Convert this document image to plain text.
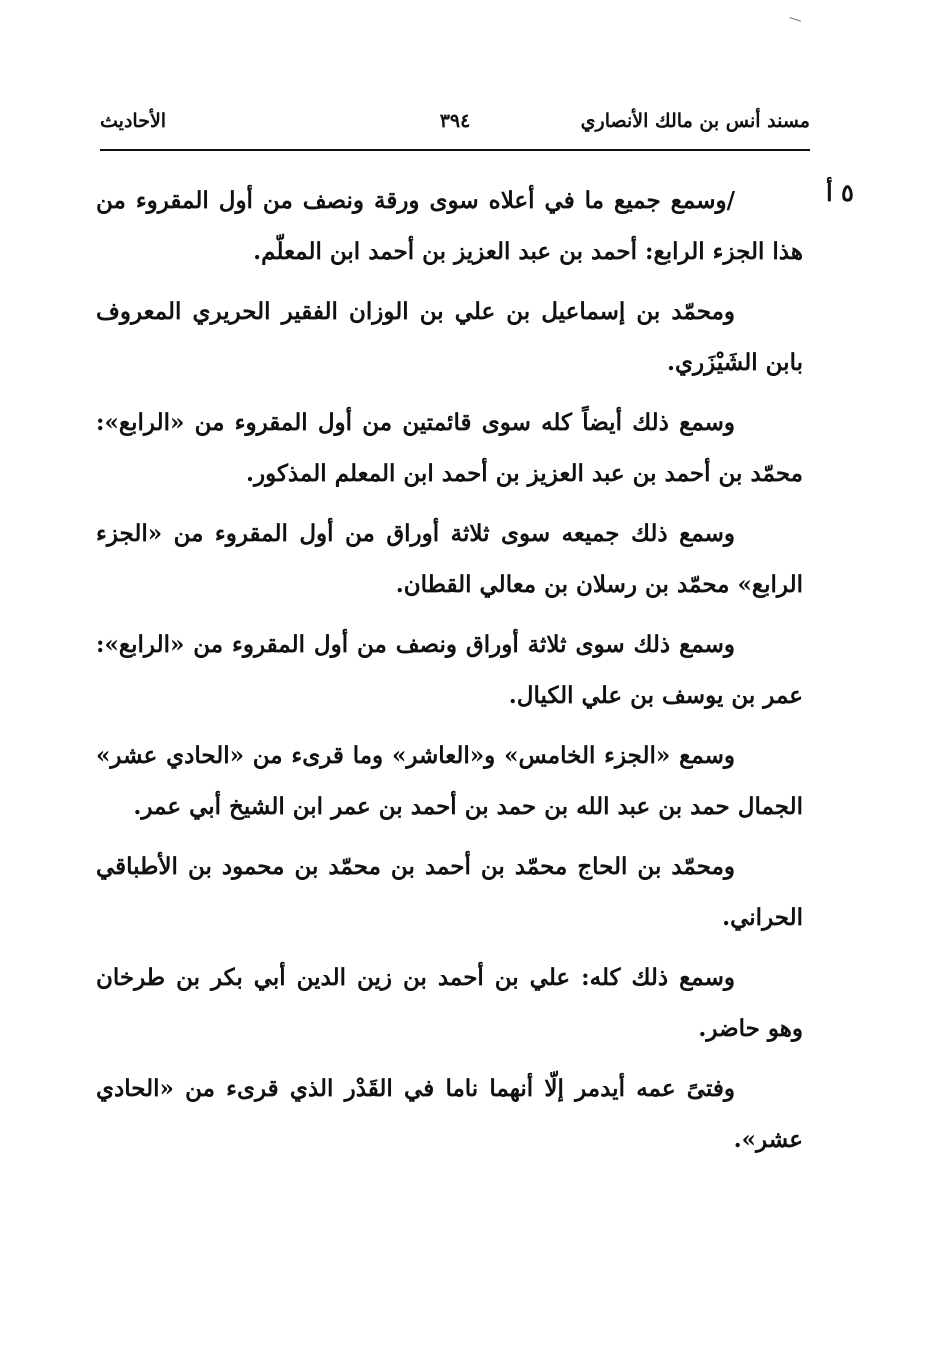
مسند أنس بن مالك الأنصاري
٣٩٤
الأحاديث
٥ أ

/وسمع جميع ما في أعلاه سوى ورقة ونصف من أول المقروء من هذا الجزء الرابع: أحمد بن عبد العزيز بن أحمد ابن المعلّم.

ومحمّد بن إسماعيل بن علي بن الوزان الفقير الحريري المعروف بابن الشَيْزَري.

وسمع ذلك أيضاً كله سوى قائمتين من أول المقروء من «الرابع»: محمّد بن أحمد بن عبد العزيز بن أحمد ابن المعلم المذكور.

وسمع ذلك جميعه سوى ثلاثة أوراق من أول المقروء من «الجزء الرابع» محمّد بن رسلان بن معالي القطان.

وسمع ذلك سوى ثلاثة أوراق ونصف من أول المقروء من «الرابع»: عمر بن يوسف بن علي الكيال.

وسمع «الجزء الخامس» و«العاشر» وما قرىء من «الحادي عشر» الجمال حمد بن عبد الله بن حمد بن أحمد بن عمر ابن الشيخ أبي عمر.

ومحمّد بن الحاج محمّد بن أحمد بن محمّد بن محمود بن الأطباقي الحراني.

وسمع ذلك كله: علي بن أحمد بن زين الدين أبي بكر بن طرخان وهو حاضر.

وفتىً عمه أيدمر إلّا أنهما ناما في القَدْر الذي قرىء من «الحادي عشر».
